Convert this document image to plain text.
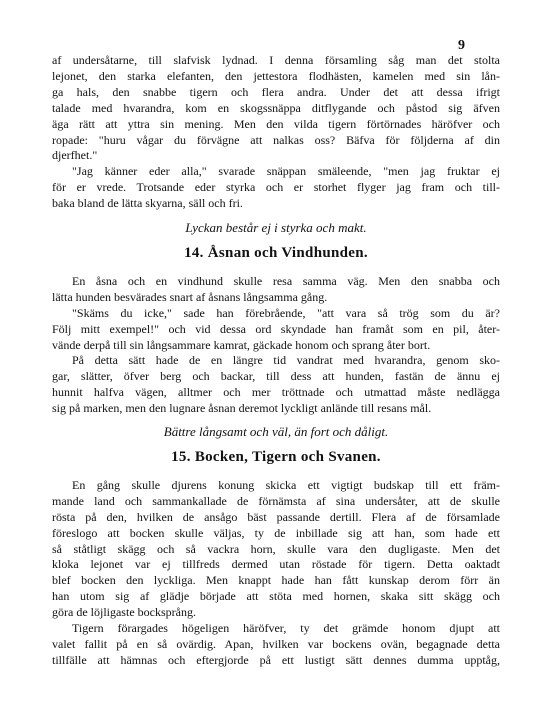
9
af undersåtarne, till slafvisk lydnad. I denna församling såg man det stolta
lejonet, den starka elefanten, den jettestora flodhästen, kamelen med sin lån-
ga hals, den snabbe tigern och flera andra. Under det att dessa ifrigt
talade med hvarandra, kom en skogssnäppa ditflygande och påstod sig äfven
äga rätt att yttra sin mening. Men den vilda tigern förtörnades häröfver och
ropade: "huru vågar du förvägne att nalkas oss? Bäfva för följderna af din
djerfhet."
"Jag känner eder alla," svarade snäppan smäleende, "men jag fruktar ej
för er vrede. Trotsande eder styrka och er storhet flyger jag fram och till-
baka bland de lätta skyarna, säll och fri.
Lyckan består ej i styrka och makt.
14. Åsnan och Vindhunden.
En åsna och en vindhund skulle resa samma väg. Men den snabba och
lätta hunden besvärades snart af åsnans långsamma gång.
"Skäms du icke," sade han förebrående, "att vara så trög som du är?
Följ mitt exempel!" och vid dessa ord skyndade han framåt som en pil, åter-
vände derpå till sin långsammare kamrat, gäckade honom och sprang åter bort.
På detta sätt hade de en längre tid vandrat med hvarandra, genom sko-
gar, slätter, öfver berg och backar, till dess att hunden, fastän de ännu ej
hunnit halfva vägen, alltmer och mer tröttnade och utmattad måste nedlägga
sig på marken, men den lugnare åsnan deremot lyckligt anlände till resans mål.
Bättre långsamt och väl, än fort och dåligt.
15. Bocken, Tigern och Svanen.
En gång skulle djurens konung skicka ett vigtigt budskap till ett främ-
mande land och sammankallade de förnämsta af sina undersåter, att de skulle
rösta på den, hvilken de ansågo bäst passande dertill. Flera af de församlade
föreslogo att bocken skulle väljas, ty de inbillade sig att han, som hade ett
så ståtligt skägg och så vackra horn, skulle vara den dugligaste. Men det
kloka lejonet var ej tillfreds dermed utan röstade för tigern. Detta oaktadt
blef bocken den lyckliga. Men knappt hade han fått kunskap derom förr än
han utom sig af glädje började att stöta med hornen, skaka sitt skägg och
göra de löjligaste bocksprång.
Tigern förargades högeligen häröfver, ty det grämde honom djupt att
valet fallit på en så ovärdig. Apan, hvilken var bockens ovän, begagnade detta
tillfälle att hämnas och eftergjorde på ett lustigt sätt dennes dumma upptåg,
